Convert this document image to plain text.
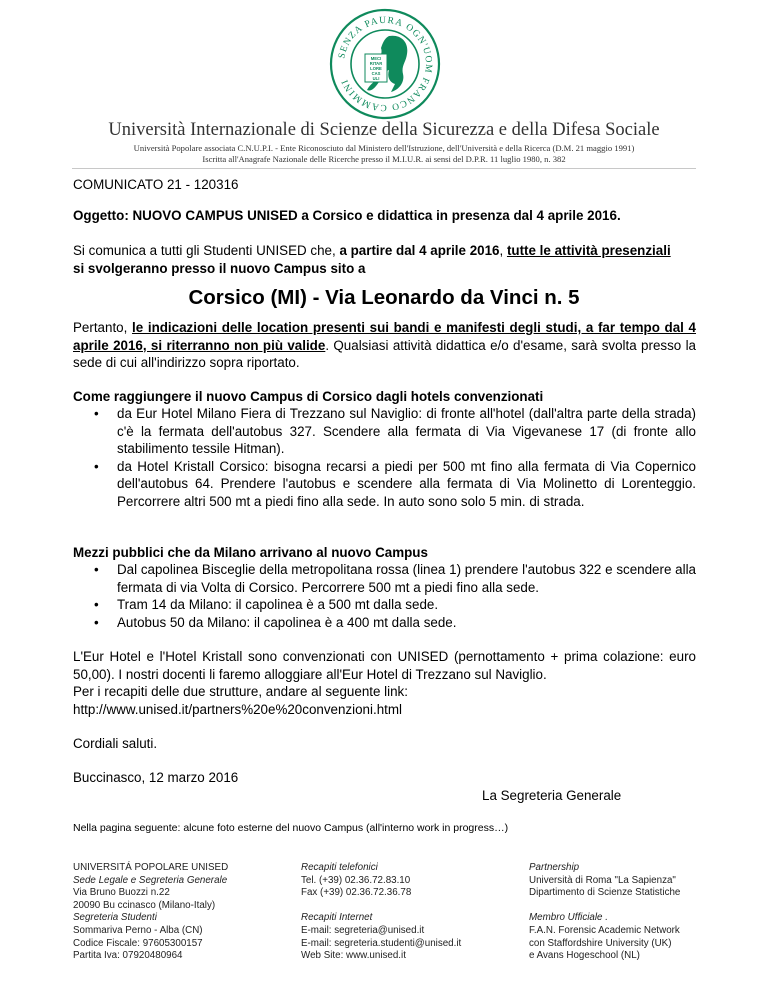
SENZA PAURA OGN'UOM FRANCO CAMMINI
MECI
RITAR
LORE
CAS
ULI
Università Internazionale di Scienze della Sicurezza e della Difesa Sociale
Università Popolare associata C.N.U.P.I. - Ente Riconosciuto dal Ministero dell'Istruzione, dell'Università e della Ricerca (D.M. 21 maggio 1991)
Iscritta all'Anagrafe Nazionale delle Ricerche presso il M.I.U.R. ai sensi del D.P.R. 11 luglio 1980, n. 382
COMUNICATO 21 - 120316
Oggetto: NUOVO CAMPUS UNISED a Corsico e didattica in presenza dal 4 aprile 2016.
Si comunica a tutti gli Studenti UNISED che, a partire dal 4 aprile 2016, tutte le attività presenziali
si svolgeranno presso il nuovo Campus sito a
Corsico (MI) - Via Leonardo da Vinci n. 5
Pertanto, le indicazioni delle location presenti sui bandi e manifesti degli studi, a far tempo dal 4 aprile 2016, si riterranno non più valide. Qualsiasi attività didattica e/o d'esame, sarà svolta presso la sede di cui all'indirizzo sopra riportato.
Come raggiungere il nuovo Campus di Corsico dagli hotels convenzionati
• da Eur Hotel Milano Fiera di Trezzano sul Naviglio: di fronte all'hotel (dall'altra parte della strada) c'è la fermata dell'autobus 327. Scendere alla fermata di Via Vigevanese 17 (di fronte allo stabilimento tessile Hitman).
• da Hotel Kristall Corsico: bisogna recarsi a piedi per 500 mt fino alla fermata di Via Copernico dell'autobus 64. Prendere l'autobus e scendere alla fermata di Via Molinetto di Lorenteggio. Percorrere altri 500 mt a piedi fino alla sede. In auto sono solo 5 min. di strada.
Mezzi pubblici che da Milano arrivano al nuovo Campus
• Dal capolinea Bisceglie della metropolitana rossa (linea 1) prendere l'autobus 322 e scendere alla fermata di via Volta di Corsico. Percorrere 500 mt a piedi fino alla sede.
• Tram 14 da Milano: il capolinea è a 500 mt dalla sede.
• Autobus 50 da Milano: il capolinea è a 400 mt dalla sede.
L'Eur Hotel e l'Hotel Kristall sono convenzionati con UNISED (pernottamento + prima colazione: euro 50,00). I nostri docenti li faremo alloggiare all'Eur Hotel di Trezzano sul Naviglio.
Per i recapiti delle due strutture, andare al seguente link:
http://www.unised.it/partners%20e%20convenzioni.html
Cordiali saluti.
Buccinasco, 12 marzo 2016
La Segreteria Generale
Nella pagina seguente: alcune foto esterne del nuovo Campus (all'interno work in progress…)
UNIVERSITÁ POPOLARE UNISED
Sede Legale e Segreteria Generale
Via Bruno Buozzi n.22
20090 Bu ccinasco (Milano-Italy)
Segreteria Studenti
Sommariva Perno - Alba (CN)
Codice Fiscale: 97605300157
Partita Iva: 07920480964
Recapiti telefonici
Tel. (+39) 02.36.72.83.10
Fax (+39) 02.36.72.36.78
Recapiti Internet
E-mail: segreteria@unised.it
E-mail: segreteria.studenti@unised.it
Web Site: www.unised.it
Partnership
Università di Roma "La Sapienza"
Dipartimento di Scienze Statistiche
Membro Ufficiale .
F.A.N. Forensic Academic Network
con Staffordshire University (UK)
e Avans Hogeschool (NL)
